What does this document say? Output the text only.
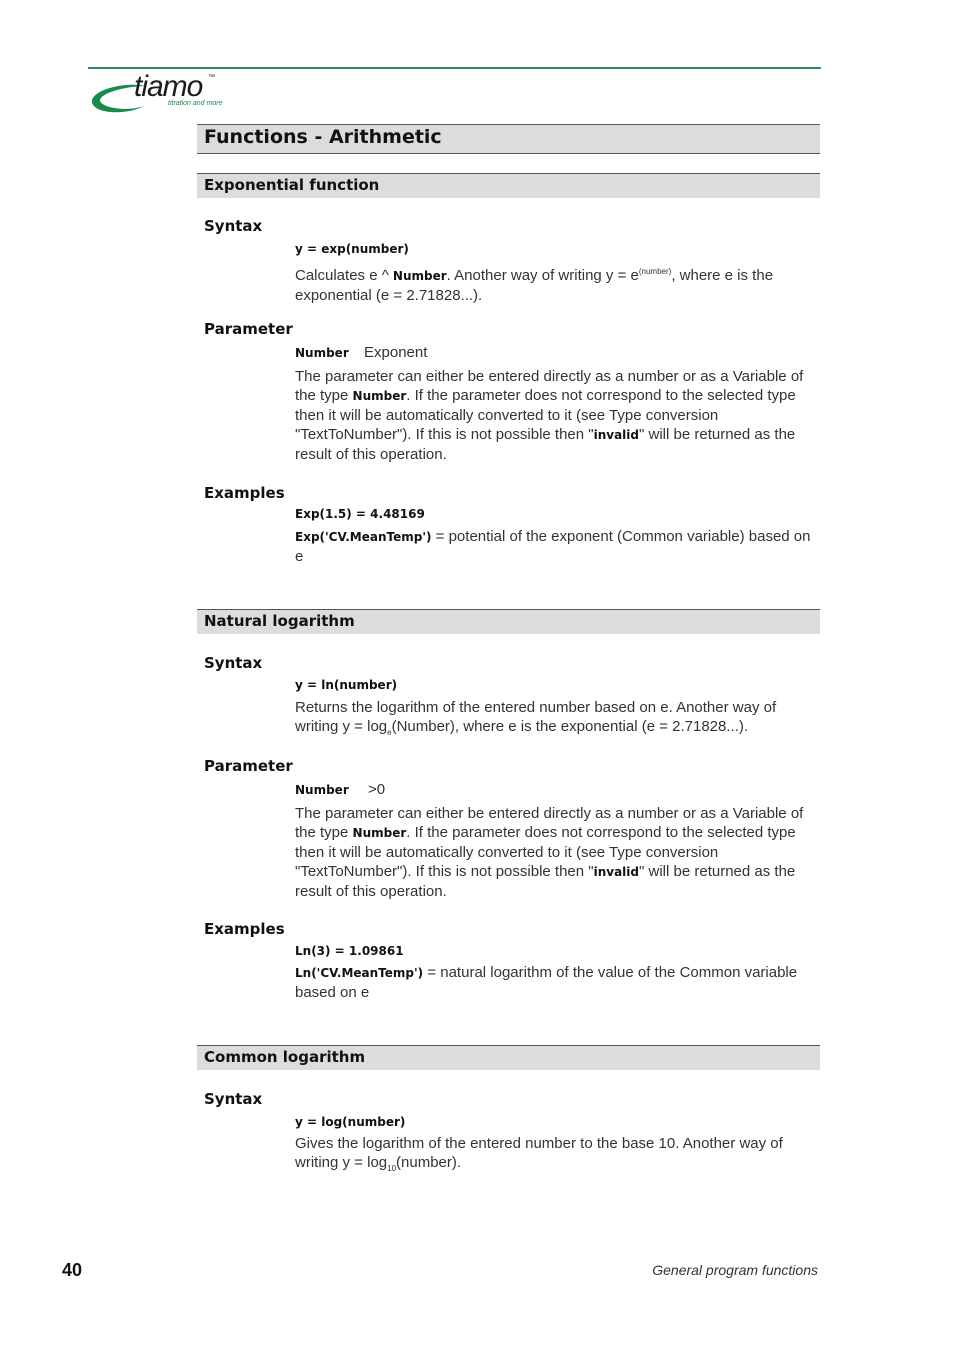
tiamo ™
titration and more
Functions - Arithmetic
Exponential function
Syntax
y = exp(number)
Calculates e ^ Number. Another way of writing $y = e^{(number)}$, where e is the exponential (e = 2.71828...).
Parameter
Number Exponent
The parameter can either be entered directly as a number or as a Variable of the type Number. If the parameter does not correspond to the selected type then it will be automatically converted to it (see Type conversion "TextToNumber"). If this is not possible then "invalid" will be returned as the result of this operation.
Examples
Exp(1.5) = 4.48169
Exp('CV.MeanTemp') = potential of the exponent (Common variable) based on e
Natural logarithm
Syntax
y = ln(number)
Returns the logarithm of the entered number based on e. Another way of writing $y = \log_e(Number)$, where e is the exponential (e = 2.71828...).
Parameter
Number >0
The parameter can either be entered directly as a number or as a Variable of the type Number. If the parameter does not correspond to the selected type then it will be automatically converted to it (see Type conversion "TextToNumber"). If this is not possible then "invalid" will be returned as the result of this operation.
Examples
Ln(3) = 1.09861
Ln('CV.MeanTemp') = natural logarithm of the value of the Common variable based on e
Common logarithm
Syntax
y = log(number)
Gives the logarithm of the entered number to the base 10. Another way of writing $y = \log_{10}(number)$.
40	General program functions
